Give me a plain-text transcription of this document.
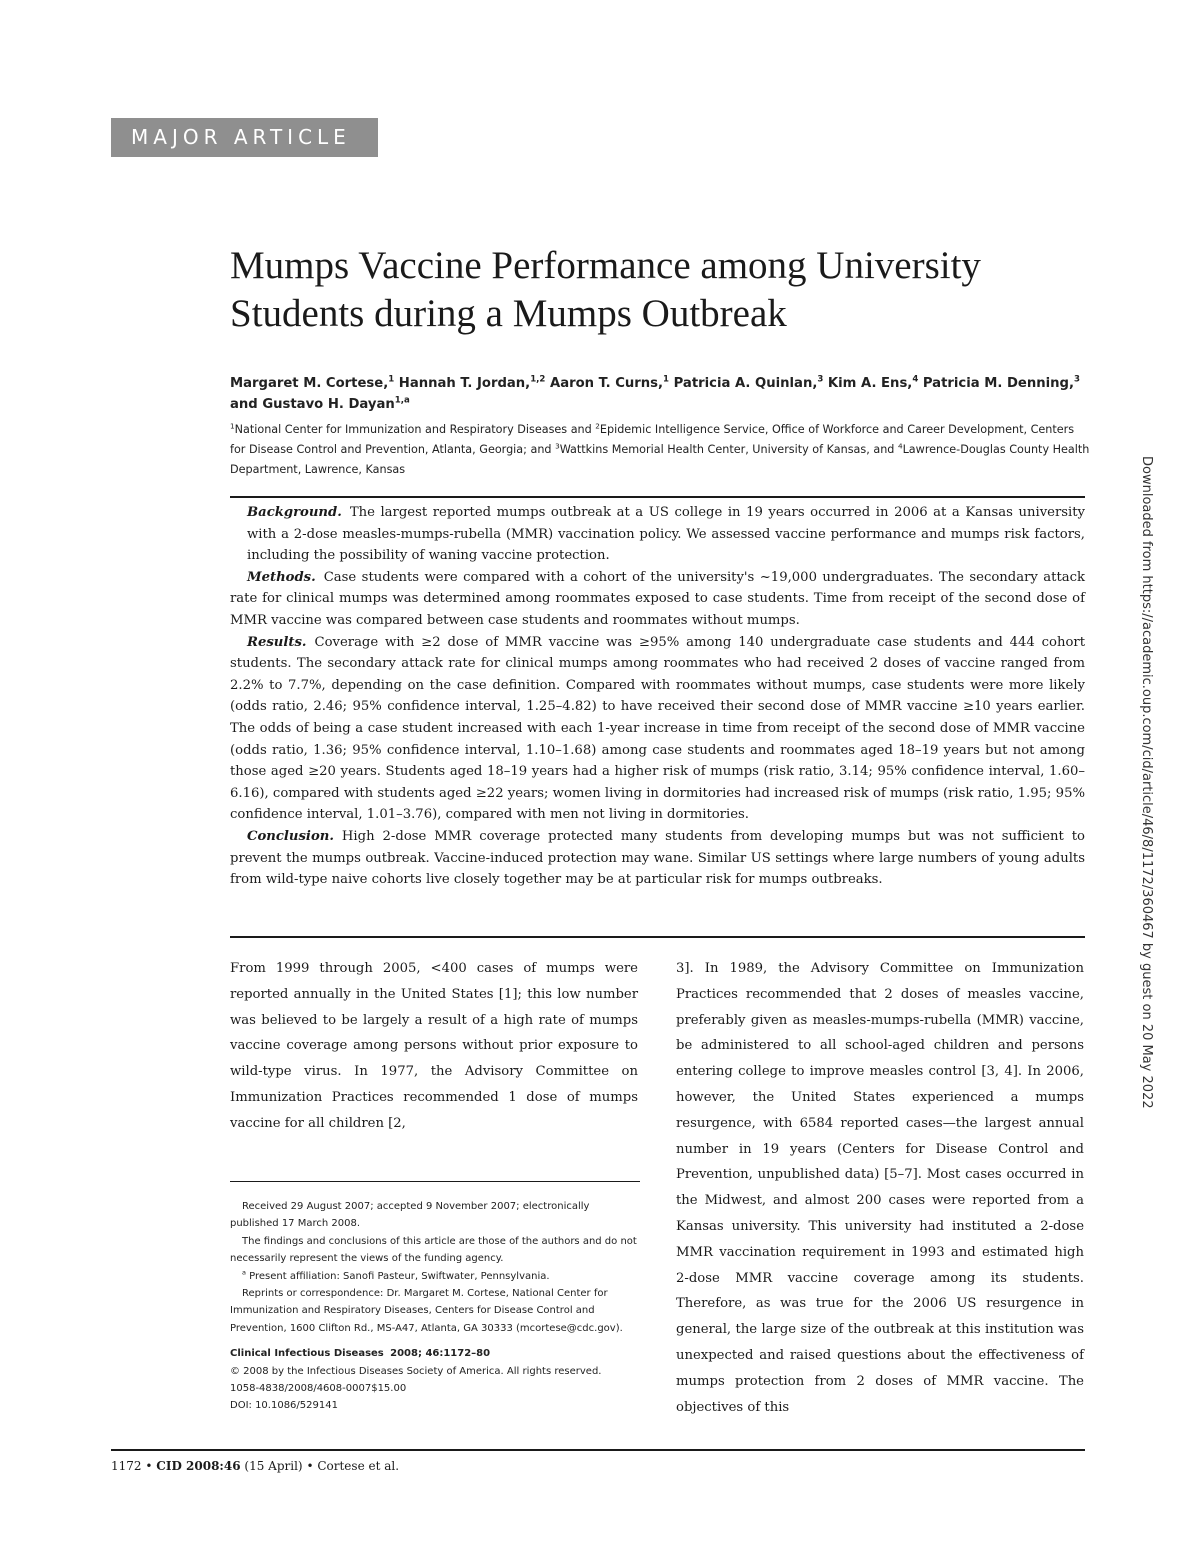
MAJOR ARTICLE
Mumps Vaccine Performance among University Students during a Mumps Outbreak
Margaret M. Cortese,$^1$ Hannah T. Jordan,$^{1,2}$ Aaron T. Curns,$^1$ Patricia A. Quinlan,$^3$ Kim A. Ens,$^4$ Patricia M. Denning,$^3$ and Gustavo H. Dayan$^{1,a}$
$^1$National Center for Immunization and Respiratory Diseases and $^2$Epidemic Intelligence Service, Office of Workforce and Career Development, Centers for Disease Control and Prevention, Atlanta, Georgia; and $^3$Wattkins Memorial Health Center, University of Kansas, and $^4$Lawrence-Douglas County Health Department, Lawrence, Kansas

Background. The largest reported mumps outbreak at a US college in 19 years occurred in 2006 at a Kansas university with a 2-dose measles-mumps-rubella (MMR) vaccination policy. We assessed vaccine performance and mumps risk factors, including the possibility of waning vaccine protection.

Methods. Case students were compared with a cohort of the university's ~19,000 undergraduates. The secondary attack rate for clinical mumps was determined among roommates exposed to case students. Time from receipt of the second dose of MMR vaccine was compared between case students and roommates without mumps.

Results. Coverage with ≥2 dose of MMR vaccine was ≥95% among 140 undergraduate case students and 444 cohort students. The secondary attack rate for clinical mumps among roommates who had received 2 doses of vaccine ranged from 2.2% to 7.7%, depending on the case definition. Compared with roommates without mumps, case students were more likely (odds ratio, 2.46; 95% confidence interval, 1.25–4.82) to have received their second dose of MMR vaccine ≥10 years earlier. The odds of being a case student increased with each 1-year increase in time from receipt of the second dose of MMR vaccine (odds ratio, 1.36; 95% confidence interval, 1.10–1.68) among case students and roommates aged 18–19 years but not among those aged ≥20 years. Students aged 18–19 years had a higher risk of mumps (risk ratio, 3.14; 95% confidence interval, 1.60–6.16), compared with students aged ≥22 years; women living in dormitories had increased risk of mumps (risk ratio, 1.95; 95% confidence interval, 1.01–3.76), compared with men not living in dormitories.

Conclusion. High 2-dose MMR coverage protected many students from developing mumps but was not sufficient to prevent the mumps outbreak. Vaccine-induced protection may wane. Similar US settings where large numbers of young adults from wild-type naive cohorts live closely together may be at particular risk for mumps outbreaks.

From 1999 through 2005, <400 cases of mumps were reported annually in the United States [1]; this low number was believed to be largely a result of a high rate of mumps vaccine coverage among persons without prior exposure to wild-type virus. In 1977, the Advisory Committee on Immunization Practices recommended 1 dose of mumps vaccine for all children [2,

3]. In 1989, the Advisory Committee on Immunization Practices recommended that 2 doses of measles vaccine, preferably given as measles-mumps-rubella (MMR) vaccine, be administered to all school-aged children and persons entering college to improve measles control [3, 4]. In 2006, however, the United States experienced a mumps resurgence, with 6584 reported cases—the largest annual number in 19 years (Centers for Disease Control and Prevention, unpublished data) [5–7]. Most cases occurred in the Midwest, and almost 200 cases were reported from a Kansas university. This university had instituted a 2-dose MMR vaccination requirement in 1993 and estimated high 2-dose MMR vaccine coverage among its students. Therefore, as was true for the 2006 US resurgence in general, the large size of the outbreak at this institution was unexpected and raised questions about the effectiveness of mumps protection from 2 doses of MMR vaccine. The objectives of this

Received 29 August 2007; accepted 9 November 2007; electronically published 17 March 2008.

The findings and conclusions of this article are those of the authors and do not necessarily represent the views of the funding agency.

$^a$ Present affiliation: Sanofi Pasteur, Swiftwater, Pennsylvania.

Reprints or correspondence: Dr. Margaret M. Cortese, National Center for Immunization and Respiratory Diseases, Centers for Disease Control and Prevention, 1600 Clifton Rd., MS-A47, Atlanta, GA 30333 (mcortese@cdc.gov).

Clinical Infectious Diseases 2008; 46:1172–80

© 2008 by the Infectious Diseases Society of America. All rights reserved.

1058-4838/2008/4608-0007$15.00

DOI: 10.1086/529141

1172 • CID 2008:46 (15 April) • Cortese et al.
Downloaded from https://academic.oup.com/cid/article/46/8/1172/360467 by guest on 20 May 2022
